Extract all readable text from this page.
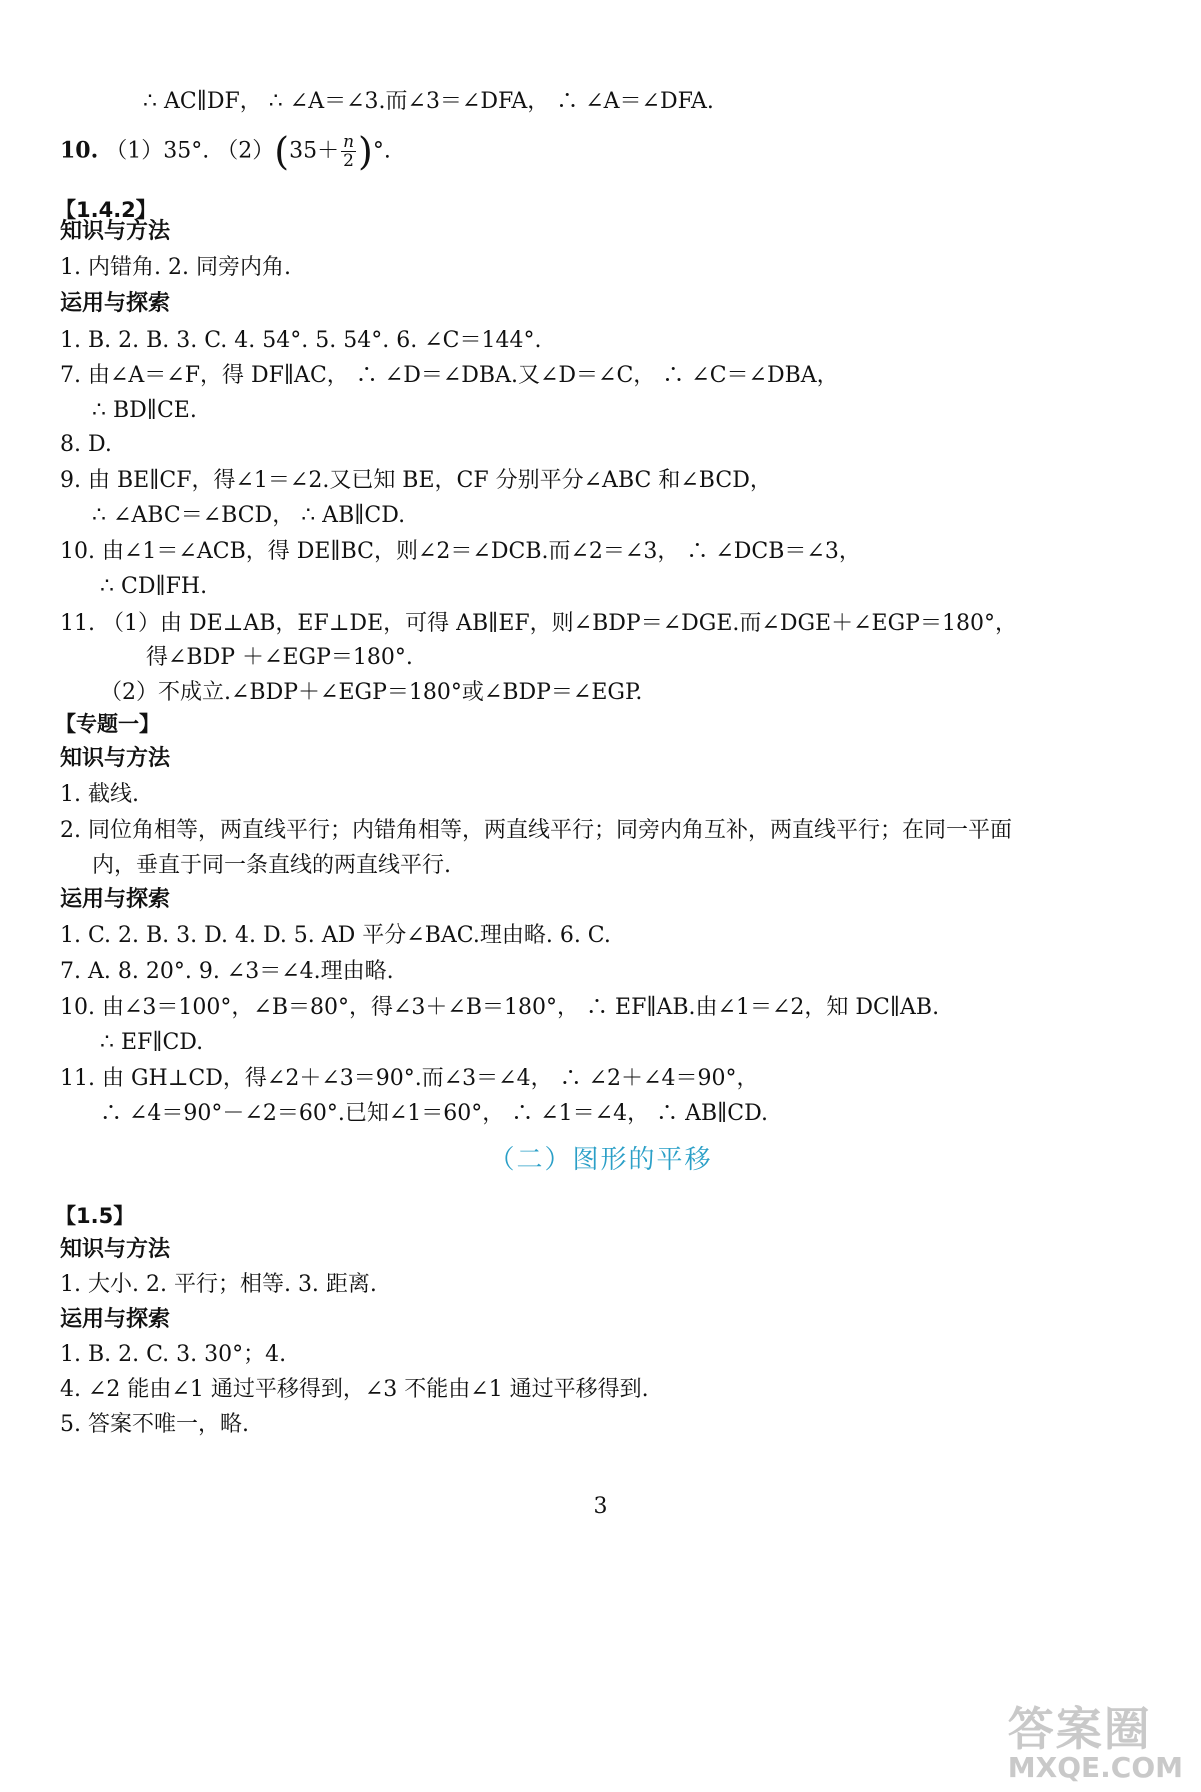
∴ AC∥DF， ∴ ∠A＝∠3.而∠3＝∠DFA， ∴ ∠A＝∠DFA.
10. （1）35°. $(2)(35+ \frac{n}{2}$ )°.
【1.4.2】
知识与方法
1. 内错角. 2. 同旁内角.
运用与探索
1. B. 2. B. 3. C. 4. 54°. 5. 54°. 6. ∠C＝144°.
7. 由∠A＝∠F，得 DF∥AC， ∴ ∠D＝∠DBA.又∠D＝∠C， ∴ ∠C＝∠DBA，
∴ BD∥CE.
8. D.
9. 由 BE∥CF，得∠1＝∠2.又已知 BE，CF 分别平分∠ABC 和∠BCD，
∴ ∠ABC＝∠BCD， ∴ AB∥CD.
10. 由∠1＝∠ACB，得 DE∥BC，则∠2＝∠DCB.而∠2＝∠3， ∴ ∠DCB＝∠3，
∴ CD∥FH.
11. （1）由 DE⊥AB，EF⊥DE，可得 AB∥EF，则∠BDP＝∠DGE.而∠DGE＋∠EGP＝180°，
得∠BDP ＋∠EGP＝180°.
（2）不成立.∠BDP＋∠EGP＝180°或∠BDP＝∠EGP.
【专题一】
知识与方法
1. 截线.
2. 同位角相等，两直线平行；内错角相等，两直线平行；同旁内角互补，两直线平行；在同一平面
内，垂直于同一条直线的两直线平行.
运用与探索
1. C. 2. B. 3. D. 4. D. 5. AD 平分∠BAC.理由略. 6. C.
7. A. 8. 20°. 9. ∠3＝∠4.理由略.
10. 由∠3＝100°，∠B＝80°，得∠3＋∠B＝180°， ∴ EF∥AB.由∠1＝∠2，知 DC∥AB.
∴ EF∥CD.
11. 由 GH⊥CD，得∠2＋∠3＝90°.而∠3＝∠4， ∴ ∠2＋∠4＝90°，
∴ ∠4＝90°－∠2＝60°.已知∠1＝60°， ∴ ∠1＝∠4， ∴ AB∥CD.
（二）图形的平移
【1.5】
知识与方法
1. 大小. 2. 平行；相等. 3. 距离.
运用与探索
1. B. 2. C. 3. 30°；4.
4. ∠2 能由∠1 通过平移得到，∠3 不能由∠1 通过平移得到.
5. 答案不唯一，略.
3
答案圈
MXQE.COM
